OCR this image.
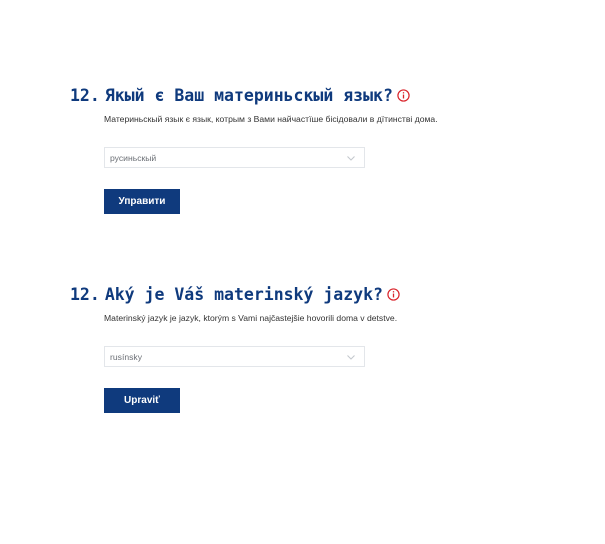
12. Якый є Ваш материньскый язык?

Материньскый язык є язык, котрым з Вами найчастїше бісідовали в дїтинстві дома.

русиньскый
Управити
12. Aký je Váš materinský jazyk?

Materinský jazyk je jazyk, ktorým s Vami najčastejšie hovorili doma v detstve.

rusínsky
Upraviť
